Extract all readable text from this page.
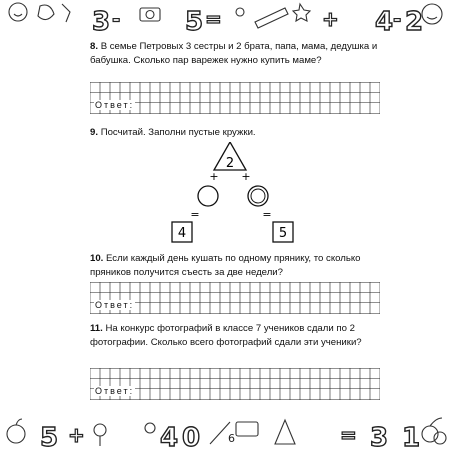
3	5	4 2
-	=	+	-
8. В семье Петровых 3 сестры и 2 брата, папа, мама, дедушка и бабушка. Сколько пар варежек нужно купить маме?
Ответ:
9. Посчитай. Заполни пустые кружки.
2
+ +
=	=
4	5
10. Если каждый день кушать по одному прянику, то сколько пряников получится съесть за две недели?
Ответ:
11. На конкурс фотографий в классе 7 учеников сдали по 2 фотографии. Сколько всего фотографий сдали эти ученики?
Ответ:
5	4 0	3 1
6
+	=
